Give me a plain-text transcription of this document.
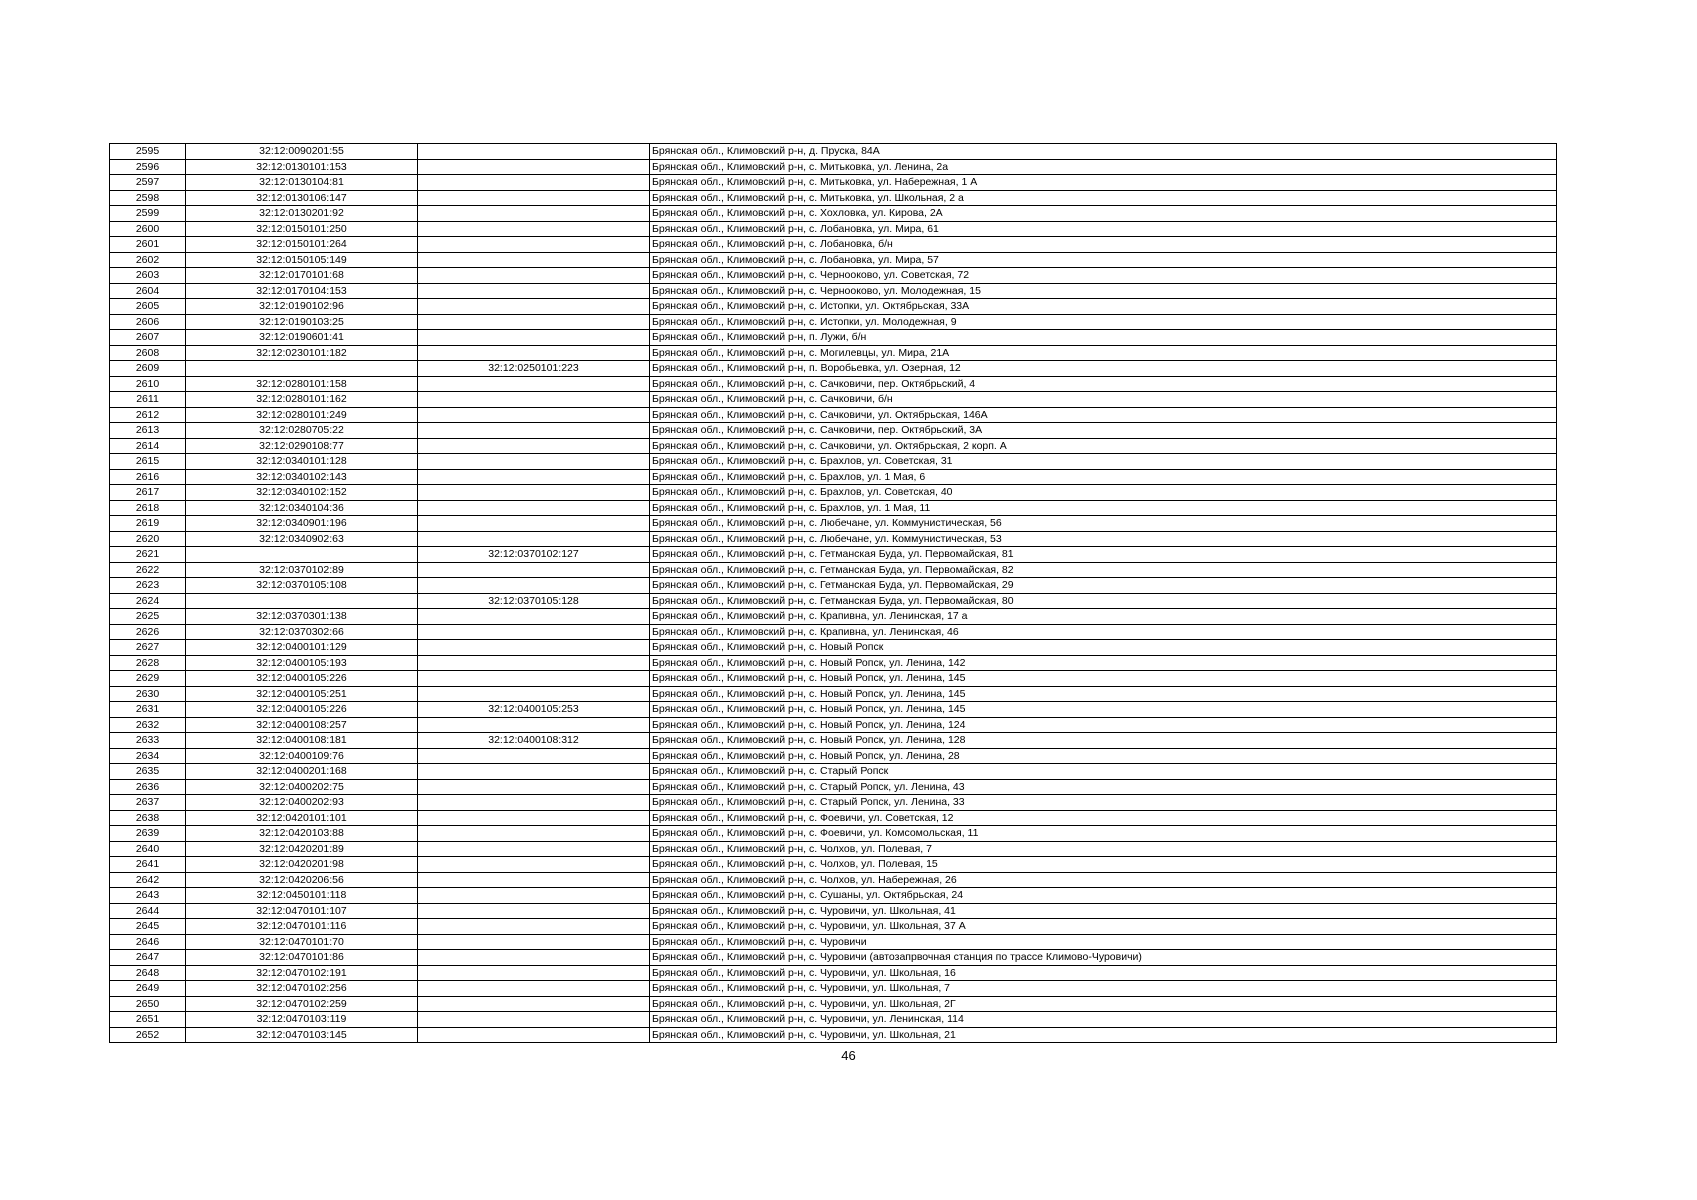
2595	32:12:0090201:55		Брянская обл., Климовский р-н, д. Пруска, 84А
2596	32:12:0130101:153		Брянская обл., Климовский р-н, с. Митьковка, ул. Ленина, 2а
2597	32:12:0130104:81		Брянская обл., Климовский р-н, с. Митьковка, ул. Набережная, 1 А
2598	32:12:0130106:147		Брянская обл., Климовский р-н, с. Митьковка, ул. Школьная, 2 а
2599	32:12:0130201:92		Брянская обл., Климовский р-н, с. Хохловка, ул. Кирова, 2А
2600	32:12:0150101:250		Брянская обл., Климовский р-н, с. Лобановка, ул. Мира, 61
2601	32:12:0150101:264		Брянская обл., Климовский р-н, с. Лобановка, б/н
2602	32:12:0150105:149		Брянская обл., Климовский р-н, с. Лобановка, ул. Мира, 57
2603	32:12:0170101:68		Брянская обл., Климовский р-н, с. Чернооково, ул. Советская, 72
2604	32:12:0170104:153		Брянская обл., Климовский р-н, с. Чернооково, ул. Молодежная, 15
2605	32:12:0190102:96		Брянская обл., Климовский р-н, с. Истопки, ул. Октябрьская, 33А
2606	32:12:0190103:25		Брянская обл., Климовский р-н, с. Истопки, ул. Молодежная, 9
2607	32:12:0190601:41		Брянская обл., Климовский р-н, п. Лужи, б/н
2608	32:12:0230101:182		Брянская обл., Климовский р-н, с. Могилевцы, ул. Мира, 21А
2609		32:12:0250101:223	Брянская обл., Климовский р-н, п. Воробьевка, ул. Озерная, 12
2610	32:12:0280101:158		Брянская обл., Климовский р-н, с. Сачковичи, пер. Октябрьский, 4
2611	32:12:0280101:162		Брянская обл., Климовский р-н, с. Сачковичи, б/н
2612	32:12:0280101:249		Брянская обл., Климовский р-н, с. Сачковичи, ул. Октябрьская, 146А
2613	32:12:0280705:22		Брянская обл., Климовский р-н, с. Сачковичи, пер. Октябрьский, 3А
2614	32:12:0290108:77		Брянская обл., Климовский р-н, с. Сачковичи, ул. Октябрьская, 2 корп. А
2615	32:12:0340101:128		Брянская обл., Климовский р-н, с. Брахлов, ул. Советская, 31
2616	32:12:0340102:143		Брянская обл., Климовский р-н, с. Брахлов, ул. 1 Мая, 6
2617	32:12:0340102:152		Брянская обл., Климовский р-н, с. Брахлов, ул. Советская, 40
2618	32:12:0340104:36		Брянская обл., Климовский р-н, с. Брахлов, ул. 1 Мая, 11
2619	32:12:0340901:196		Брянская обл., Климовский р-н, с. Любечане, ул. Коммунистическая, 56
2620	32:12:0340902:63		Брянская обл., Климовский р-н, с. Любечане, ул. Коммунистическая, 53
2621		32:12:0370102:127	Брянская обл., Климовский р-н, с. Гетманская Буда, ул. Первомайская, 81
2622	32:12:0370102:89		Брянская обл., Климовский р-н, с. Гетманская Буда, ул. Первомайская, 82
2623	32:12:0370105:108		Брянская обл., Климовский р-н, с. Гетманская Буда, ул. Первомайская, 29
2624		32:12:0370105:128	Брянская обл., Климовский р-н, с. Гетманская Буда, ул. Первомайская, 80
2625	32:12:0370301:138		Брянская обл., Климовский р-н, с. Крапивна, ул. Ленинская, 17 а
2626	32:12:0370302:66		Брянская обл., Климовский р-н, с. Крапивна, ул. Ленинская, 46
2627	32:12:0400101:129		Брянская обл., Климовский р-н, с. Новый Ропск
2628	32:12:0400105:193		Брянская обл., Климовский р-н, с. Новый Ропск, ул. Ленина, 142
2629	32:12:0400105:226		Брянская обл., Климовский р-н, с. Новый Ропск, ул. Ленина, 145
2630	32:12:0400105:251		Брянская обл., Климовский р-н, с. Новый Ропск, ул. Ленина, 145
2631	32:12:0400105:226	32:12:0400105:253	Брянская обл., Климовский р-н, с. Новый Ропск, ул. Ленина, 145
2632	32:12:0400108:257		Брянская обл., Климовский р-н, с. Новый Ропск, ул. Ленина, 124
2633	32:12:0400108:181	32:12:0400108:312	Брянская обл., Климовский р-н, с. Новый Ропск, ул. Ленина, 128
2634	32:12:0400109:76		Брянская обл., Климовский р-н, с. Новый Ропск, ул. Ленина, 28
2635	32:12:0400201:168		Брянская обл., Климовский р-н, с. Старый Ропск
2636	32:12:0400202:75		Брянская обл., Климовский р-н, с. Старый Ропск, ул. Ленина, 43
2637	32:12:0400202:93		Брянская обл., Климовский р-н, с. Старый Ропск, ул. Ленина, 33
2638	32:12:0420101:101		Брянская обл., Климовский р-н, с. Фоевичи, ул. Советская, 12
2639	32:12:0420103:88		Брянская обл., Климовский р-н, с. Фоевичи, ул. Комсомольская, 11
2640	32:12:0420201:89		Брянская обл., Климовский р-н, с. Чолхов, ул. Полевая, 7
2641	32:12:0420201:98		Брянская обл., Климовский р-н, с. Чолхов, ул. Полевая, 15
2642	32:12:0420206:56		Брянская обл., Климовский р-н, с. Чолхов, ул. Набережная, 26
2643	32:12:0450101:118		Брянская обл., Климовский р-н, с. Сушаны, ул. Октябрьская, 24
2644	32:12:0470101:107		Брянская обл., Климовский р-н, с. Чуровичи, ул. Школьная, 41
2645	32:12:0470101:116		Брянская обл., Климовский р-н, с. Чуровичи, ул. Школьная, 37 А
2646	32:12:0470101:70		Брянская обл., Климовский р-н, с. Чуровичи
2647	32:12:0470101:86		Брянская обл., Климовский р-н, с. Чуровичи (автозапрвочная станция по трассе Климово-Чуровичи)
2648	32:12:0470102:191		Брянская обл., Климовский р-н, с. Чуровичи, ул. Школьная, 16
2649	32:12:0470102:256		Брянская обл., Климовский р-н, с. Чуровичи, ул. Школьная, 7
2650	32:12:0470102:259		Брянская обл., Климовский р-н, с. Чуровичи, ул. Школьная, 2Г
2651	32:12:0470103:119		Брянская обл., Климовский р-н, с. Чуровичи, ул. Ленинская, 114
2652	32:12:0470103:145		Брянская обл., Климовский р-н, с. Чуровичи, ул. Школьная, 21
46
